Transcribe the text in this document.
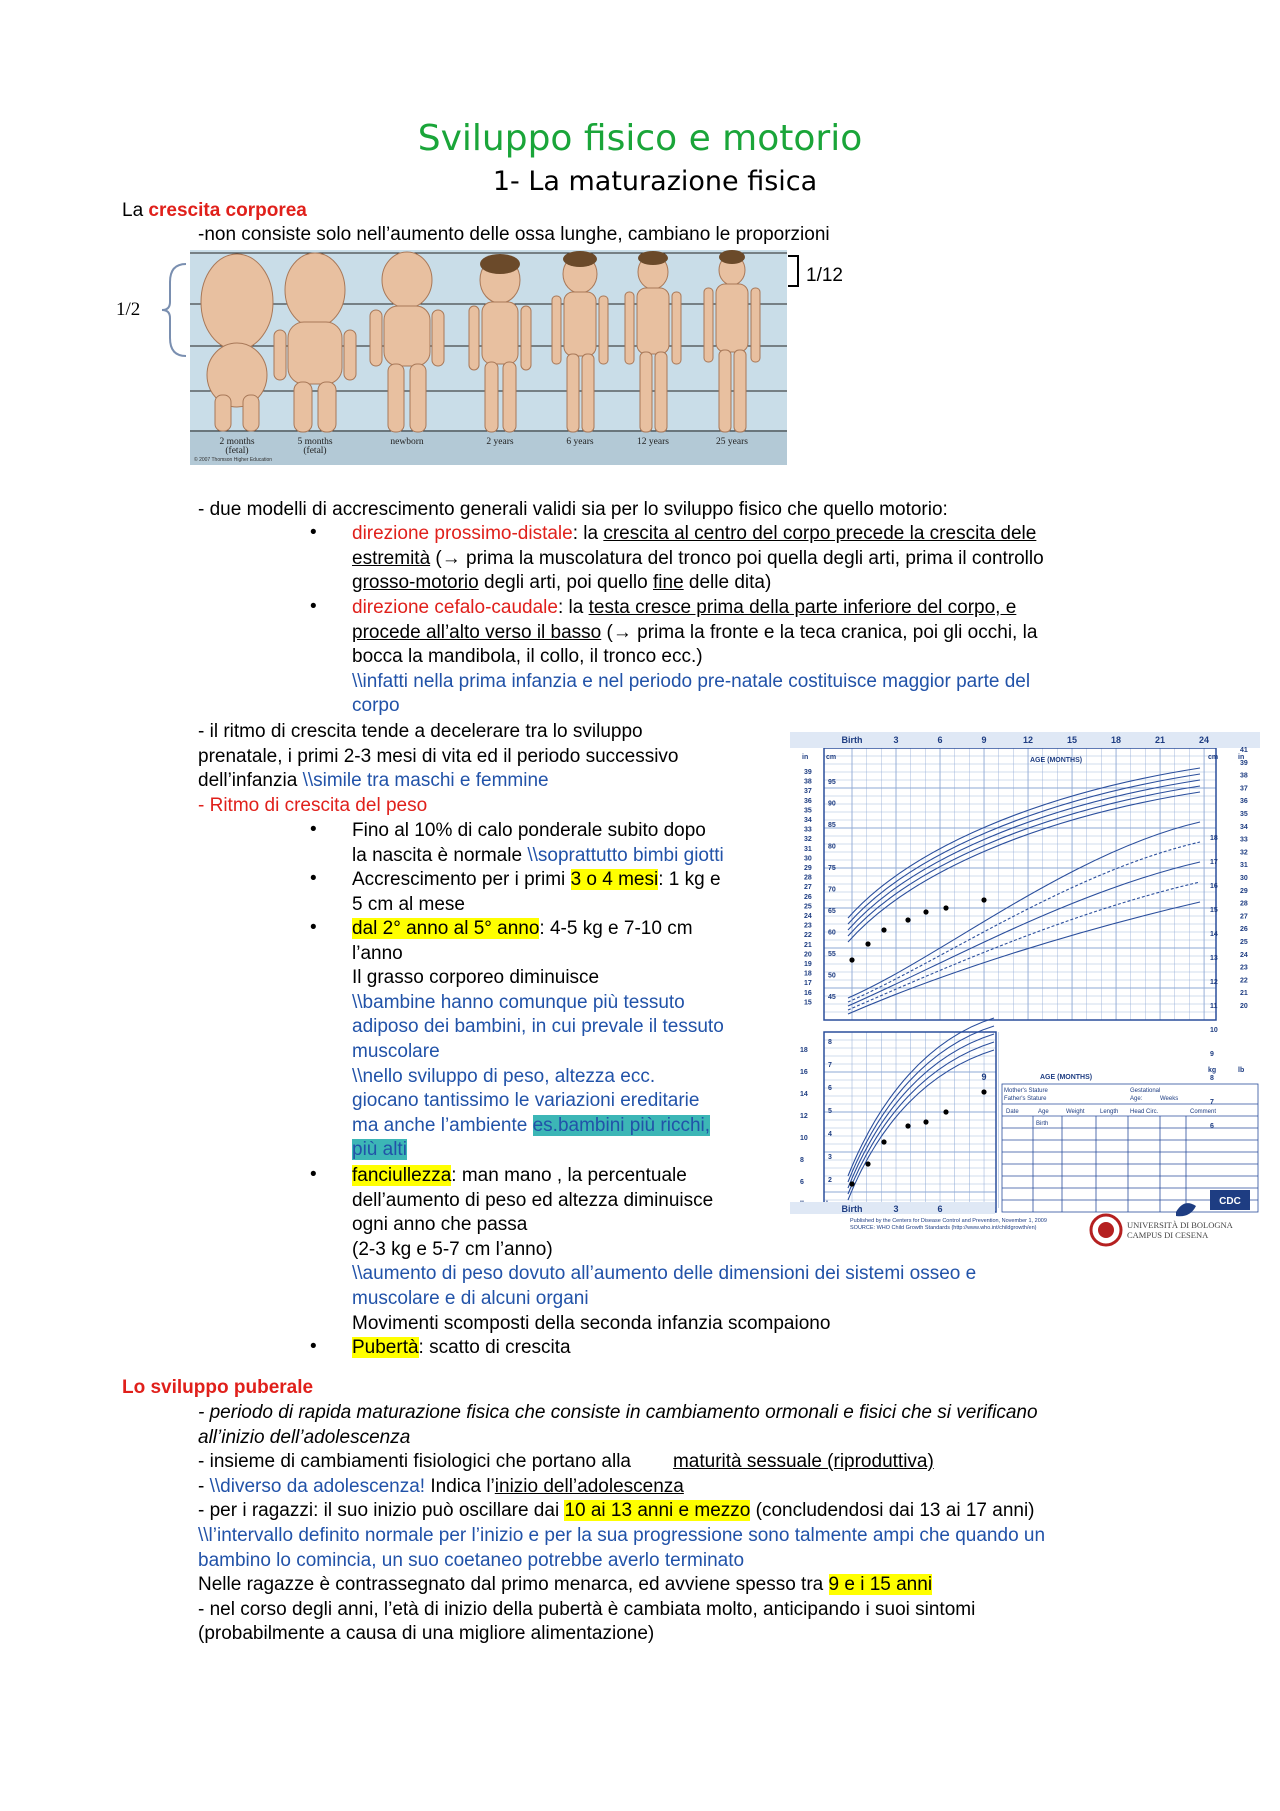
Sviluppo fisico e motorio
1- La maturazione fisica
La crescita corporea
-non consiste solo nell’aumento delle ossa lunghe, cambiano le proporzioni
1/2
1/12
2 months (fetal)
5 months (fetal)
newborn	2 years	6 years	12 years	25 years
© 2007 Thomson Higher Education
- due modelli di accrescimento generali validi sia per lo sviluppo fisico che quello motorio:
• direzione prossimo-distale: la crescita al centro del corpo precede la crescita dele
estremità (→ prima la muscolatura del tronco poi quella degli arti, prima il controllo
grosso-motorio degli arti, poi quello fine delle dita)
• direzione cefalo-caudale: la testa cresce prima della parte inferiore del corpo, e
procede all’alto verso il basso (→ prima la fronte e la teca cranica, poi gli occhi, la
bocca la mandibola, il collo, il tronco ecc.)
\\infatti nella prima infanzia e nel periodo pre-natale costituisce maggior parte del
corpo
- il ritmo di crescita tende a decelerare tra lo sviluppo
prenatale, i primi 2-3 mesi di vita ed il periodo successivo
dell’infanzia \\simile tra maschi e femmine
- Ritmo di crescita del peso
• Fino al 10% di calo ponderale subito dopo
la nascita è normale \\soprattutto bimbi giotti
• Accrescimento per i primi 3 o 4 mesi: 1 kg e
5 cm al mese
• dal 2° anno al 5° anno: 4-5 kg e 7-10 cm
l’anno
Il grasso corporeo diminuisce
\\bambine hanno comunque più tessuto
adiposo dei bambini, in cui prevale il tessuto
muscolare
\\nello sviluppo di peso, altezza ecc.
giocano tantissimo le variazioni ereditarie
ma anche l’ambiente es.bambini più ricchi,
più alti
• fanciullezza: man mano , la percentuale
dell’aumento di peso ed altezza diminuisce
ogni anno che passa
(2-3 kg e 5-7 cm l’anno)
\\aumento di peso dovuto all’aumento delle dimensioni dei sistemi osseo e
muscolare e di alcuni organi
Movimenti scomposti della seconda infanzia scompaiono
• Pubertà: scatto di crescita
Birth	3	6	9	12	15	18	21	24
in	cm	cm	in
AGE (MONTHS)
AGE (MONTHS)
kg	lb
39
38
37
36
35
34
33
32
31
30
29
28
27
26
25
24
23
22
21
20
19
18
17
16
15
95
90
85
80
75
70
65
60
55
50
45
41
39
38
37
36
35
34
33
32
31
30
29
28
27
26
25
24
23
22
21
20
18
17
16
15
14
13
12
11
10
9
8
7
6
8
7
6
5
4
3
2
18
16
14
12
10
8
6
Mother's Stature
Father's Stature
Gestational
Age:	Weeks
Comment
Date	Age	Weight	Length Head Circ.
Birth
Birth	3	6
9
Published by the Centers for Disease Control and Prevention, November 1, 2009
SOURCE: WHO Child Growth Standards (http://www.who.int/childgrowth/en)
CDC
UNIVERSITÀ DI BOLOGNA
CAMPUS DI CESENA
Lo sviluppo puberale
- periodo di rapida maturazione fisica che consiste in cambiamento ormonali e fisici che si verificano
all’inizio dell’adolescenza
- insieme di cambiamenti fisiologici che portano alla maturità sessuale (riproduttiva)
- \\diverso da adolescenza! Indica l’inizio dell’adolescenza
- per i ragazzi: il suo inizio può oscillare dai 10 ai 13 anni e mezzo (concludendosi dai 13 ai 17 anni)
\\l’intervallo definito normale per l’inizio e per la sua progressione sono talmente ampi che quando un
bambino lo comincia, un suo coetaneo potrebbe averlo terminato
Nelle ragazze è contrassegnato dal primo menarca, ed avviene spesso tra 9 e i 15 anni
- nel corso degli anni, l’età di inizio della pubertà è cambiata molto, anticipando i suoi sintomi
(probabilmente a causa di una migliore alimentazione)
